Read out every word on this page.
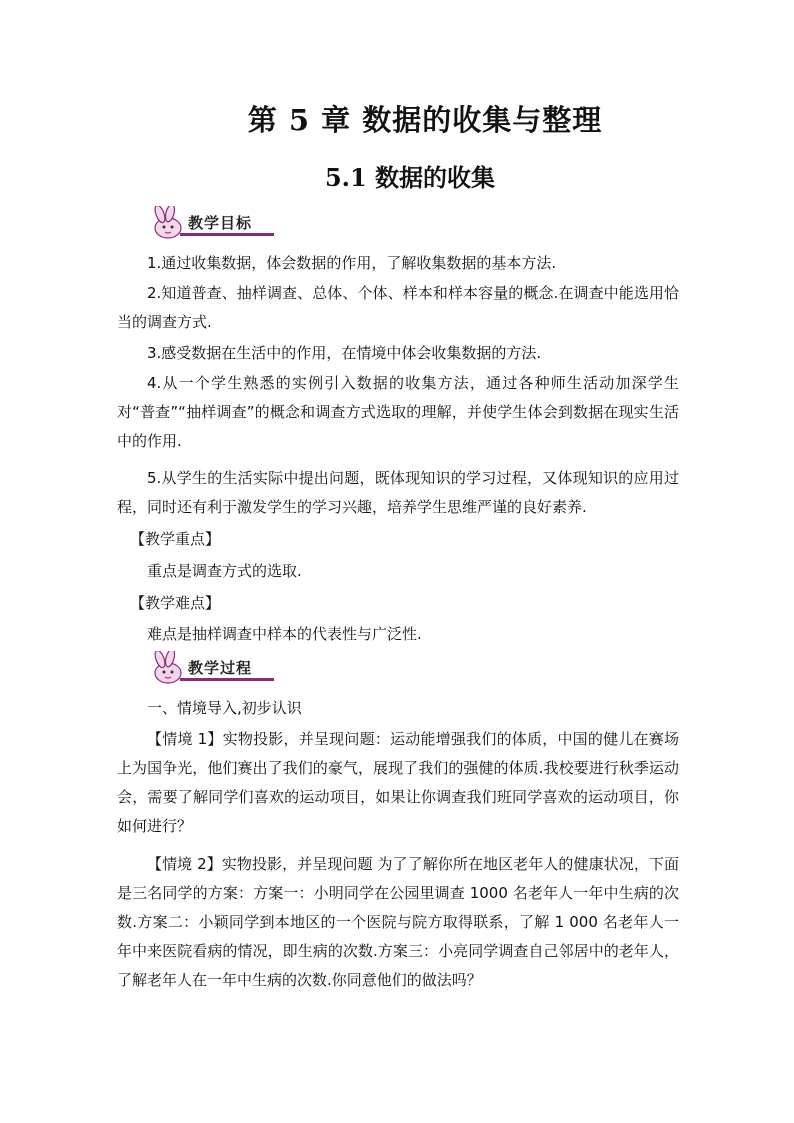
第 5 章 数据的收集与整理
5.1 数据的收集
教学目标
1.通过收集数据，体会数据的作用，了解收集数据的基本方法.
2.知道普查、抽样调查、总体、个体、样本和样本容量的概念.在调查中能选用恰当的调查方式.
3.感受数据在生活中的作用，在情境中体会收集数据的方法.
4.从一个学生熟悉的实例引入数据的收集方法，通过各种师生活动加深学生对“普查”“抽样调查”的概念和调查方式选取的理解，并使学生体会到数据在现实生活中的作用.
5.从学生的生活实际中提出问题，既体现知识的学习过程，又体现知识的应用过程，同时还有利于激发学生的学习兴趣，培养学生思维严谨的良好素养.
【教学重点】
重点是调查方式的选取.
【教学难点】
难点是抽样调查中样本的代表性与广泛性.
教学过程
一、情境导入,初步认识
【情境 1】实物投影，并呈现问题：运动能增强我们的体质，中国的健儿在赛场上为国争光，他们赛出了我们的豪气，展现了我们的强健的体质.我校要进行秋季运动会，需要了解同学们喜欢的运动项目，如果让你调查我们班同学喜欢的运动项目，你如何进行？
【情境 2】实物投影，并呈现问题 为了了解你所在地区老年人的健康状况，下面是三名同学的方案：方案一：小明同学在公园里调查 1000 名老年人一年中生病的次数.方案二：小颖同学到本地区的一个医院与院方取得联系，了解 1 000 名老年人一年中来医院看病的情况，即生病的次数.方案三：小亮同学调查自己邻居中的老年人，了解老年人在一年中生病的次数.你同意他们的做法吗？
